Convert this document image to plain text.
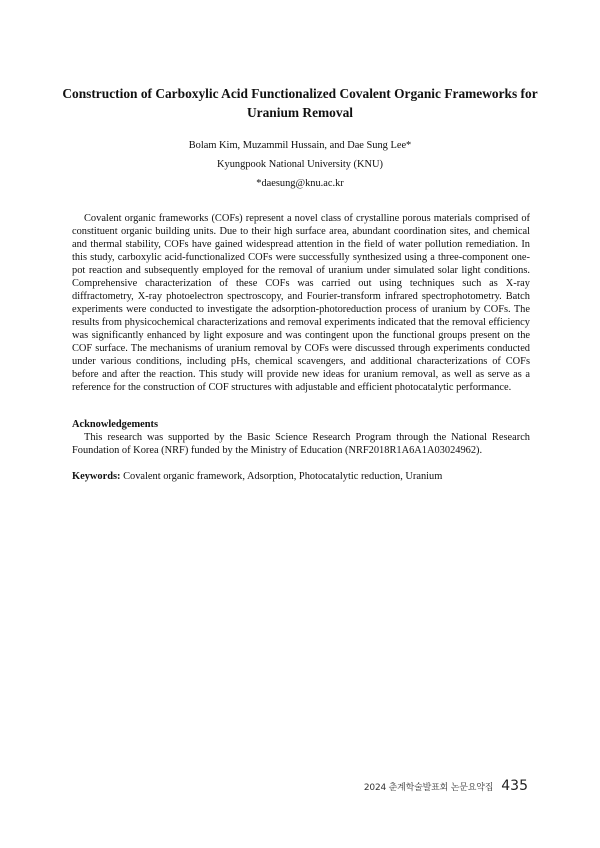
Construction of Carboxylic Acid Functionalized Covalent Organic Frameworks for Uranium Removal
Bolam Kim, Muzammil Hussain, and Dae Sung Lee*
Kyungpook National University (KNU)
*daesung@knu.ac.kr

Covalent organic frameworks (COFs) represent a novel class of crystalline porous materials comprised of constituent organic building units. Due to their high surface area, abundant coordination sites, and chemical and thermal stability, COFs have gained widespread attention in the field of water pollution remediation. In this study, carboxylic acid-functionalized COFs were successfully synthesized using a three-component one-pot reaction and subsequently employed for the removal of uranium under simulated solar light conditions. Comprehensive characterization of these COFs was carried out using techniques such as X-ray diffractometry, X-ray photoelectron spectroscopy, and Fourier-transform infrared spectrophotometry. Batch experiments were conducted to investigate the adsorption-photoreduction process of uranium by COFs. The results from physicochemical characterizations and removal experiments indicated that the removal efficiency was significantly enhanced by light exposure and was contingent upon the functional groups present on the COF surface. The mechanisms of uranium removal by COFs were discussed through experiments conducted under various conditions, including pHs, chemical scavengers, and additional characterizations of COFs before and after the reaction. This study will provide new ideas for uranium removal, as well as serve as a reference for the construction of COF structures with adjustable and efficient photocatalytic performance.

Acknowledgements

This research was supported by the Basic Science Research Program through the National Research Foundation of Korea (NRF) funded by the Ministry of Education (NRF2018R1A6A1A03024962).

Keywords: Covalent organic framework, Adsorption, Photocatalytic reduction, Uranium

2024 춘계학술발표회 논문요약집 435
